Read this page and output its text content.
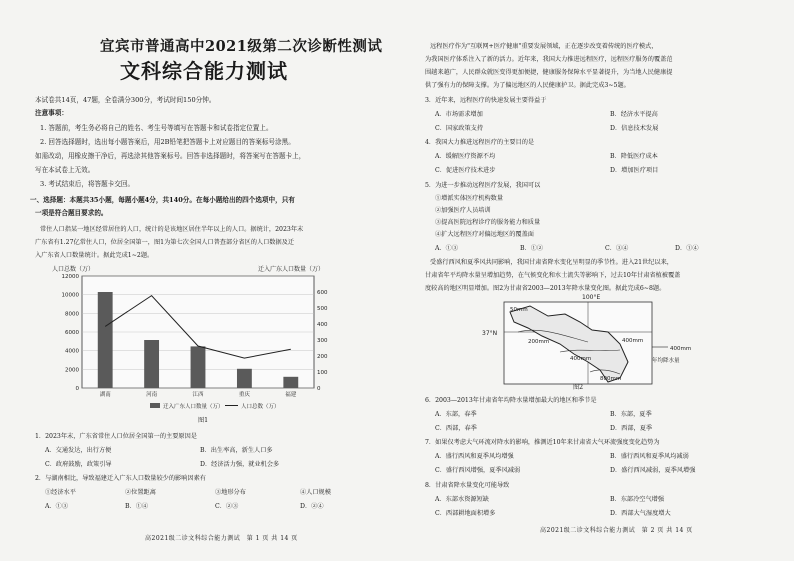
宜宾市普通高中2021级第二次诊断性测试
文科综合能力测试
本试卷共14页，47题，全卷满分300分，考试时间150分钟。
注意事项：
1. 答题前，考生务必将自己的姓名、考生号等填写在答题卡和试卷指定位置上。
2. 回答选择题时，选出每小题答案后，用2B铅笔把答题卡上对应题目的答案标号涂黑。
如需改动，用橡皮擦干净后，再选涂其他答案标号。回答非选择题时，将答案写在答题卡上，
写在本试卷上无效。
3. 考试结束后，将答题卡交回。
一、选择题：本题共35小题，每题小题4分，共140分。在每小题给出的四个选项中，只有
一项是符合题目要求的。
常住人口指某一地区经常居住的人口，统计的是该地区居住半年以上的人口。据统计，2023年末
广东省有1.27亿常住人口，位居全国第一，图1为第七次全国人口普查部分省区的人口数据及迁
入广东省人口数量统计。据此完成1~2题。
人口总数（万）	迁入广东人口数量（万）
湖南	河南	江西	重庆	福建
0
2000
4000
6000
8000
10000
12000
0
100
200
300
400
500
600
迁入广东人口数量（万）	人口总数（万）
图1
1．2023年末，广东省常住人口位居全国第一的主要原因是
A．交通发达，出行方便	B．出生率高，新生人口多
C．政府鼓励，政策引导	D．经济活力强，就业机会多
2．与湖南相比，导致福建迁入广东人口数量较少的影响因素有
①经济水平	②位置距离	③地形分布	④人口规模
A．①③	B．①④	C．②③	D．②④
高2021级二诊文科综合能力测试　第 1 页 共 14 页
远程医疗作为"互联网+医疗健康"重要发展领域，正在逐步改变着传统的医疗模式，
为我国医疗体系注入了新的活力。近年来，我国大力推进远程医疗，远程医疗服务的覆盖范
围越来越广，人民群众就医变得更加便捷，健康服务保障水平显著提升，为当地人民健康提
供了强有力的保障支撑。为了偏远地区的人民健康护卫。据此完成3~5题。
3．近年来，远程医疗的快速发展主要得益于
A．市场需求增加	B．经济水平提高
C．国家政策支持	D．信息技术发展
4．我国大力推进远程医疗的主要目的是
A．缓解医疗资源不均	B．降低医疗成本
C．促进医疗技术进步	D．增加医疗项目
5．为进一步推动远程医疗发展，我国可以
①增派实体医疗机构数量
②加强医疗人员培训
③提高医院远程诊疗的服务能力和质量
④扩大远程医疗对偏远地区的覆盖面
A．①③	B．①②	C．③④	D．①④
受盛行西风和夏季风共同影响，我国甘肃省降水变化呈明显的季节性。进入21世纪以来，
甘肃省年平均降水量呈增加趋势，在气候变化和水土流失等影响下，过去10年甘肃省植被覆盖
度较高的地区明显增加。图2为甘肃省2003—2013年降水量变化图。据此完成6~8题。
100°E
37°N
50mm
200mm
400mm
400mm
800mm
400mm
年均降水量
图2
6．2003—2013年甘肃省年均降水量增加最大的地区和季节是
A．东部，春季	B．东部，夏季
C．西部，春季	D．西部，夏季
7．如果仅考虑大气环流对降水的影响，推测近10年来甘肃省大气环流强度变化趋势为
A．盛行西风和夏季风均增强	B．盛行西风和夏季风均减弱
C．盛行西风增强，夏季风减弱	D．盛行西风减弱，夏季风增强
8．甘肃省降水量变化可能导致
A．东部水资源短缺	B．东部冷空气增强
C．西部耕地面积增多	D．西部大气湿度增大
高2021级二诊文科综合能力测试　第 2 页 共 14 页
